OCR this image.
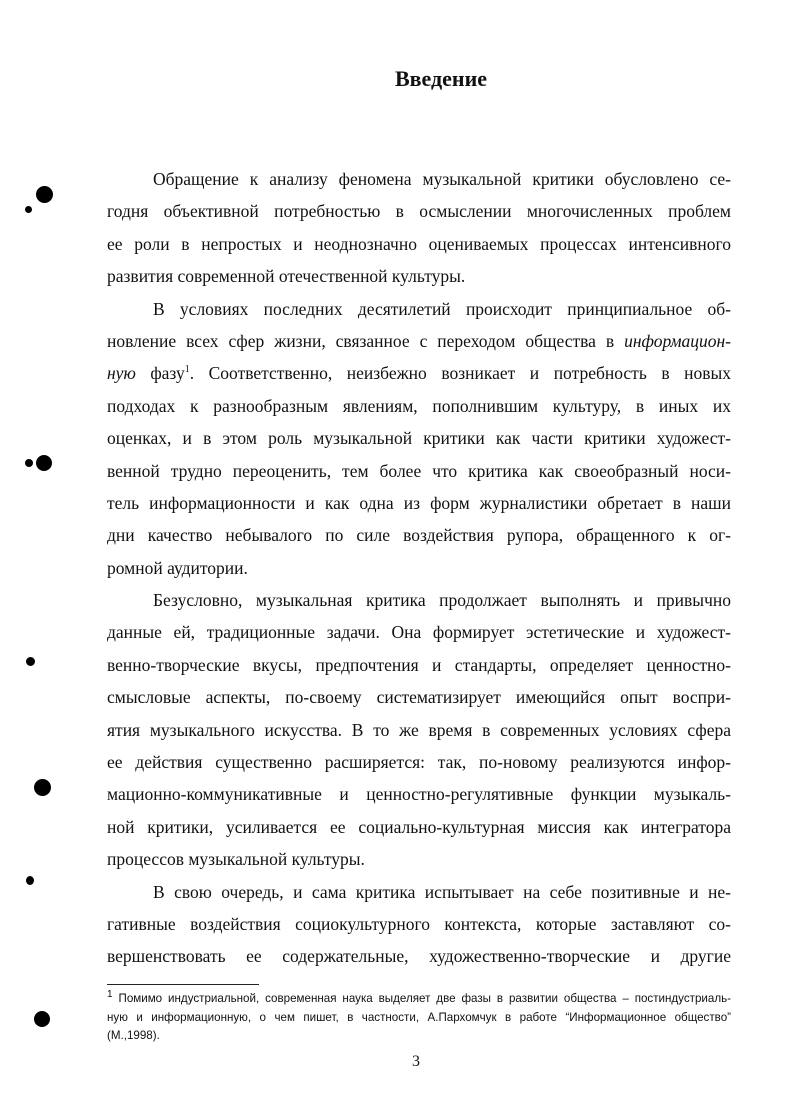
Введение
Обращение к анализу феномена музыкальной критики обусловлено се-
годня объективной потребностью в осмыслении многочисленных проблем
ее роли в непростых и неоднозначно оцениваемых процессах интенсивного
развития современной отечественной культуры.
В условиях последних десятилетий происходит принципиальное об-
новление всех сфер жизни, связанное с переходом общества в информацион-
ную фазу$^1$. Соответственно, неизбежно возникает и потребность в новых
подходах к разнообразным явлениям, пополнившим культуру, в иных их
оценках, и в этом роль музыкальной критики как части критики художест-
венной трудно переоценить, тем более что критика как своеобразный носи-
тель информационности и как одна из форм журналистики обретает в наши
дни качество небывалого по силе воздействия рупора, обращенного к ог-
ромной аудитории.
Безусловно, музыкальная критика продолжает выполнять и привычно
данные ей, традиционные задачи. Она формирует эстетические и художест-
венно-творческие вкусы, предпочтения и стандарты, определяет ценностно-
смысловые аспекты, по-своему систематизирует имеющийся опыт воспри-
ятия музыкального искусства. В то же время в современных условиях сфера
ее действия существенно расширяется: так, по-новому реализуются инфор-
мационно-коммуникативные и ценностно-регулятивные функции музыкаль-
ной критики, усиливается ее социально-культурная миссия как интегратора
процессов музыкальной культуры.
В свою очередь, и сама критика испытывает на себе позитивные и не-
гативные воздействия социокультурного контекста, которые заставляют со-
вершенствовать ее содержательные, художественно-творческие и другие
$^1$ Помимо индустриальной, современная наука выделяет две фазы в развитии общества – постиндустриаль-
ную и информационную, о чем пишет, в частности, А.Пархомчук в работе “Информационное общество”
(М.,1998).
3
